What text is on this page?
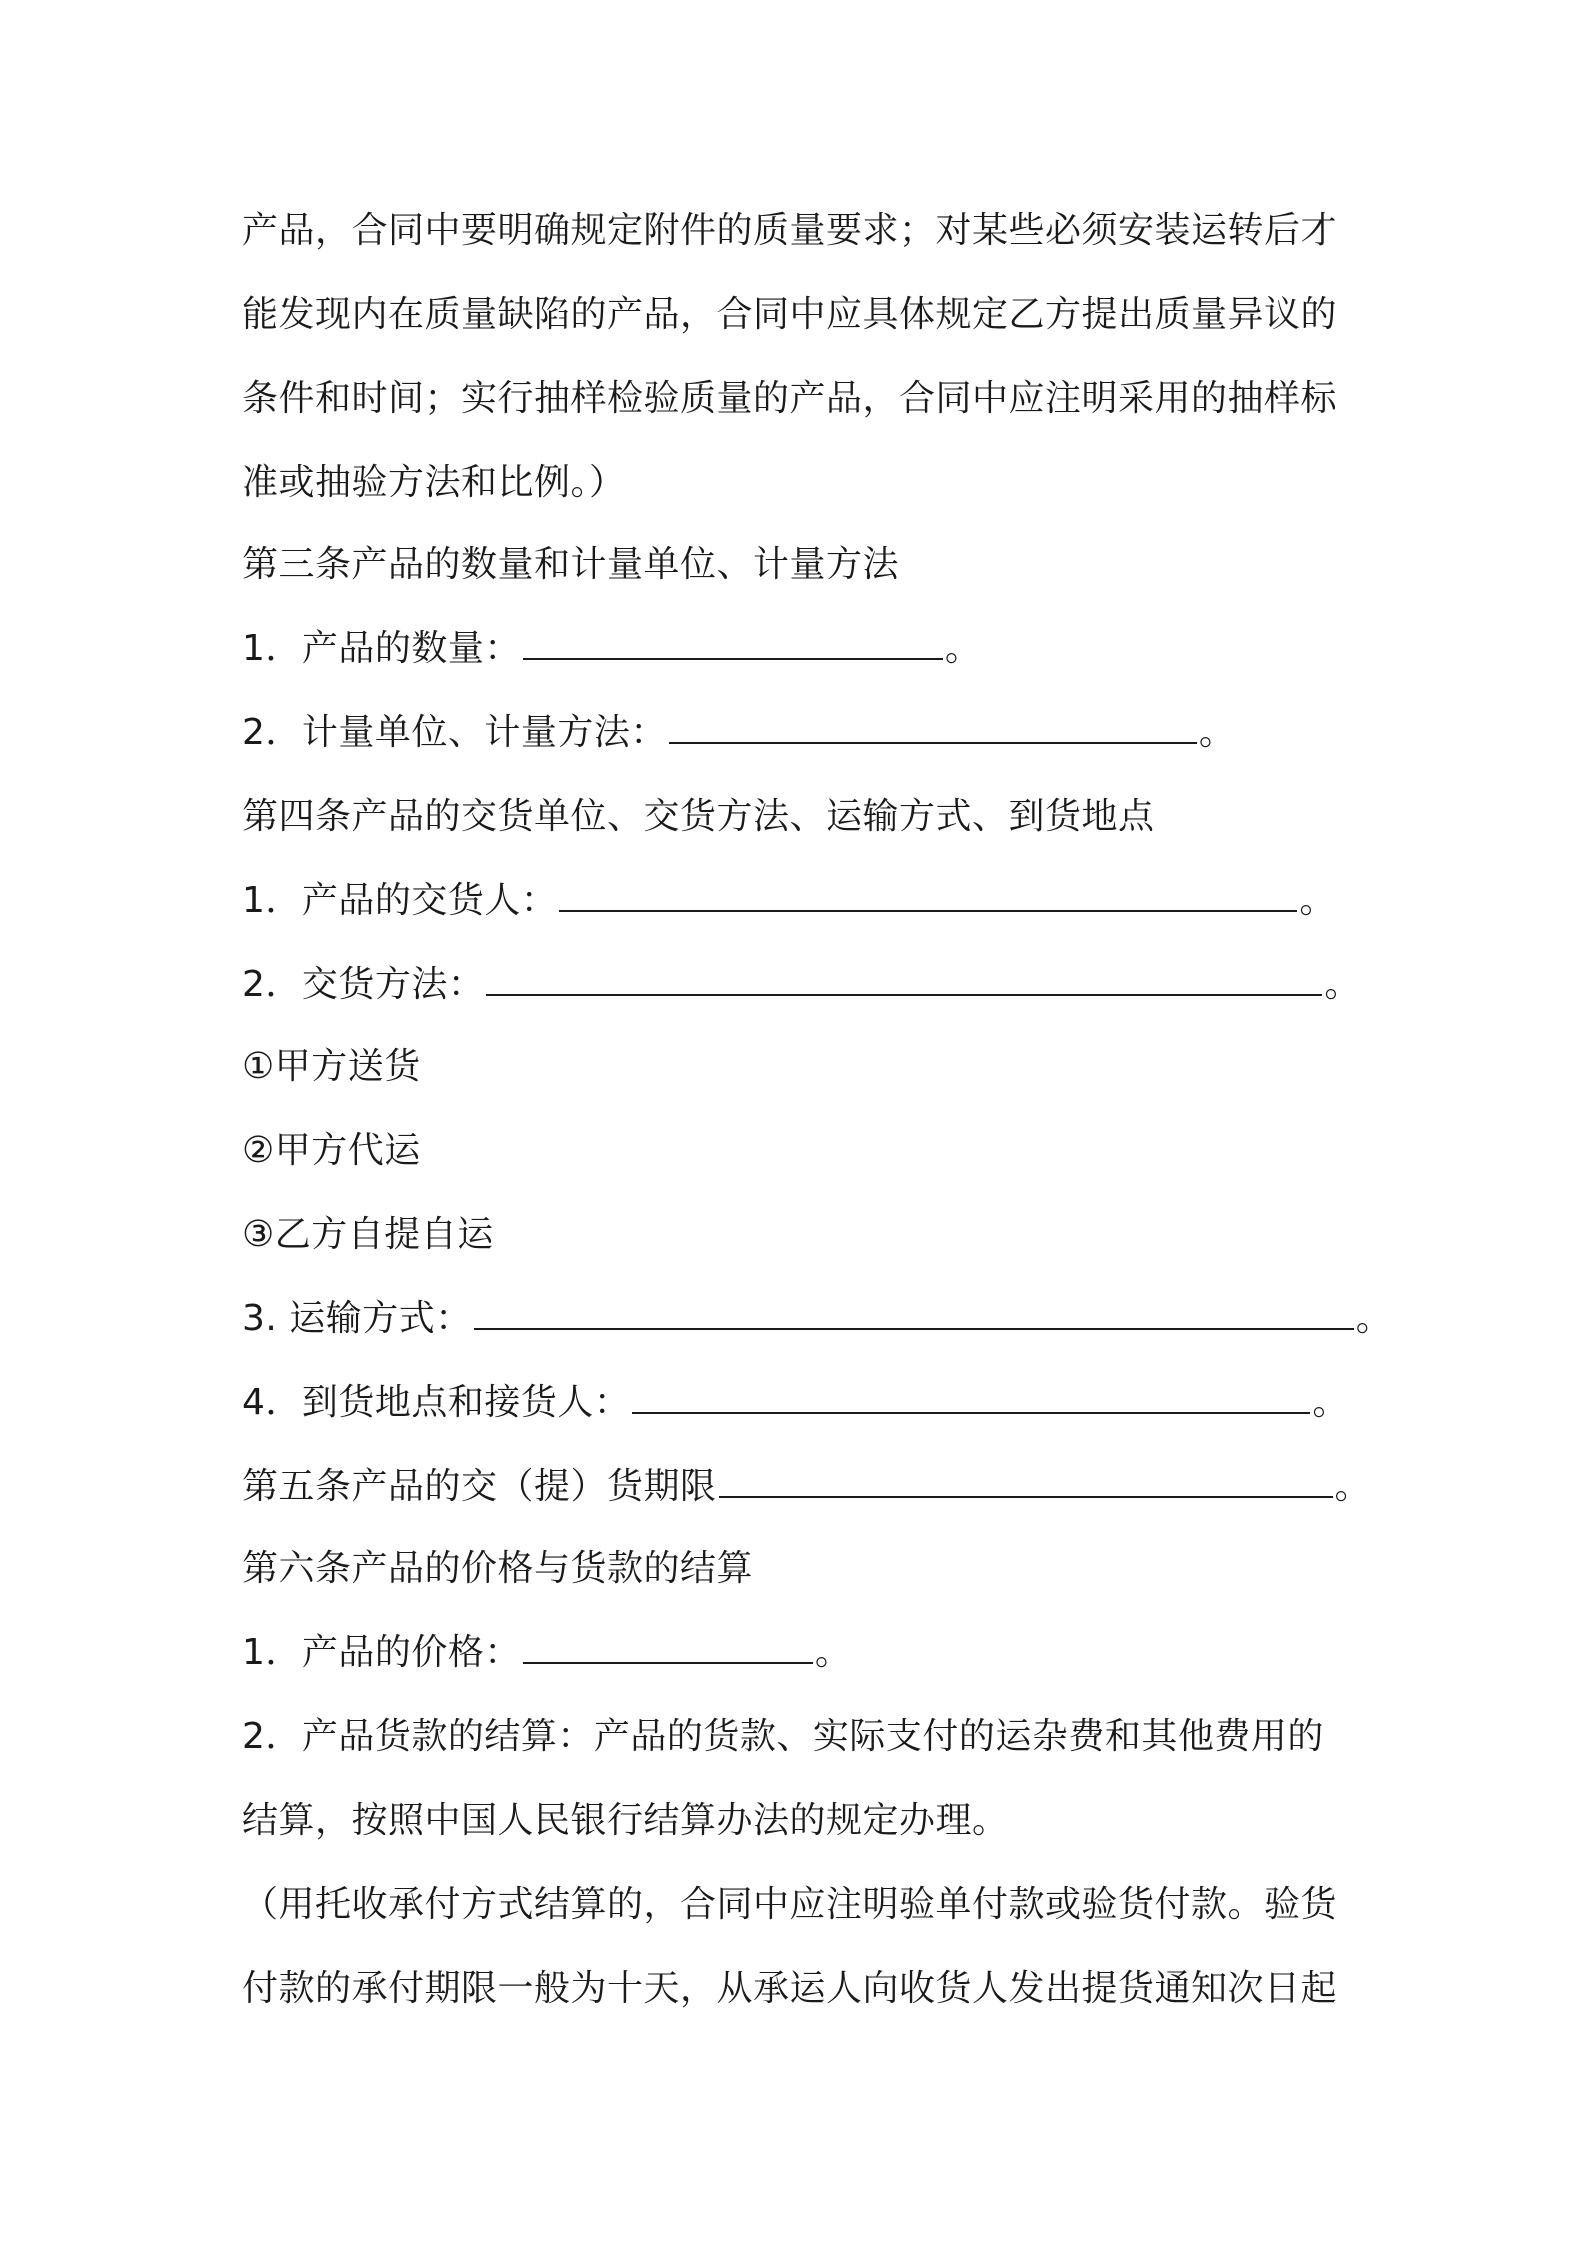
产品，合同中要明确规定附件的质量要求；对某些必须安装运转后才
能发现内在质量缺陷的产品，合同中应具体规定乙方提出质量异议的
条件和时间；实行抽样检验质量的产品，合同中应注明采用的抽样标
准或抽验方法和比例。）
第三条产品的数量和计量单位、计量方法
1．产品的数量：	。
2．计量单位、计量方法：	。
第四条产品的交货单位、交货方法、运输方式、到货地点
1．产品的交货人：	。
2．交货方法：	。
①甲方送货
②甲方代运
③乙方自提自运
3. 运输方式：	。
4．到货地点和接货人：	。
第五条产品的交（提）货期限	。
第六条产品的价格与货款的结算
1．产品的价格：	。
2．产品货款的结算：产品的货款、实际支付的运杂费和其他费用的
结算，按照中国人民银行结算办法的规定办理。
（用托收承付方式结算的，合同中应注明验单付款或验货付款。验货
付款的承付期限一般为十天，从承运人向收货人发出提货通知次日起
